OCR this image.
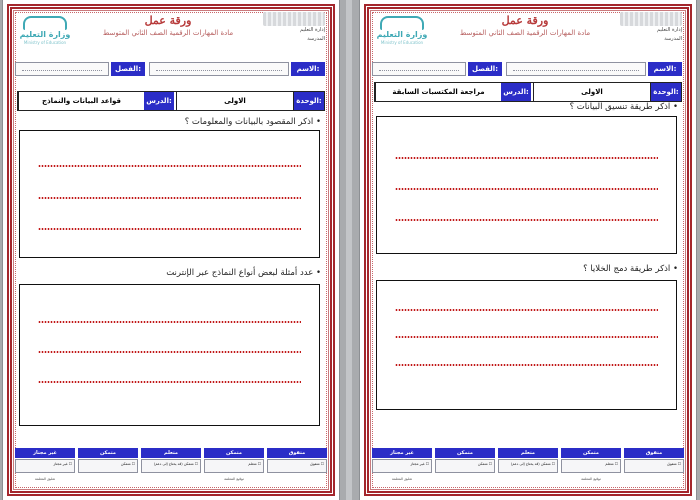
وزارة التعليم
Ministry of Education
ورقة عمل
مادة المهارات الرقمية الصف الثاني المتوسط	إدارة التعليم
المدرسة
الاسم:
الفصل:
الوحدة:
الاولى
الدرس:
قواعد البيانات والنماذج
• اذكر المقصود بالبيانات والمعلومات ؟
• عدد أمثلة لبعض أنواع النماذج عبر الإنترنت
متفوق
متمكن
متعلم
متمكن
غير مجتاز
☐ متفوق
☐ متعلم
☐ متمكن (قد يحتاج إلى دعم)
☐ متمكن
☐ غير مجتاز
توقيع المعلمة
تعليق المعلمة
وزارة التعليم
Ministry of Education
ورقة عمل
مادة المهارات الرقمية الصف الثاني المتوسط	إدارة التعليم
المدرسة
الاسم:
الفصل:
الوحدة:
الاولى
الدرس:
مراجعة المكتسبات السابقة
• اذكر طريقة تنسيق البيانات ؟
• اذكر طريقة دمج الخلايا ؟
متفوق
متمكن
متعلم
متمكن
غير مجتاز
☐ متفوق
☐ متعلم
☐ متمكن (قد يحتاج إلى دعم)
☐ متمكن
☐ غير مجتاز
توقيع المعلمة
تعليق المعلمة
